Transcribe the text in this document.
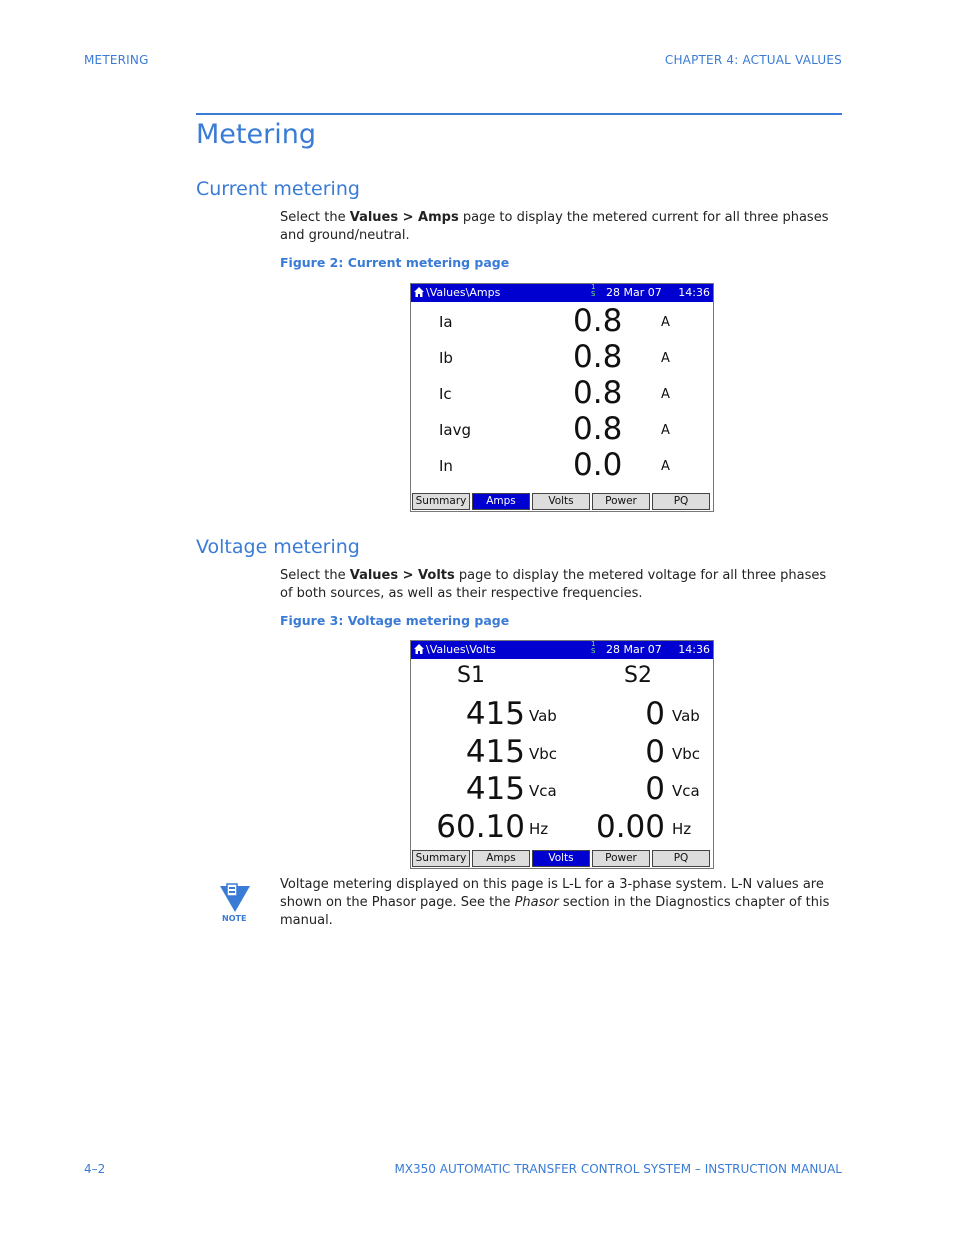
METERING	CHAPTER 4: ACTUAL VALUES
Metering
Current metering

Select the Values > Amps page to display the metered current for all three phases and ground/neutral.

Figure 2: Current metering page
\Values\Amps	1
S 28 Mar 07 14:36
Ia	0.8	A
Ib	0.8	A
Ic	0.8	A
Iavg	0.8	A
In	0.0	A
Summary	Amps	Volts	Power	PQ
Voltage metering

Select the Values > Volts page to display the metered voltage for all three phases of both sources, as well as their respective frequencies.

Figure 3: Voltage metering page
\Values\Volts	1
S 28 Mar 07 14:36
S1	S2
415 Vab	0 Vab
415 Vbc	0 Vbc
415 Vca	0 Vca
60.10 Hz 0.00 Hz
Summary	Amps	Volts	Power	PQ
NOTE

Voltage metering displayed on this page is L-L for a 3-phase system. L-N values are shown on the Phasor page. See the Phasor section in the Diagnostics chapter of this manual.

4–2	MX350 AUTOMATIC TRANSFER CONTROL SYSTEM – INSTRUCTION MANUAL
